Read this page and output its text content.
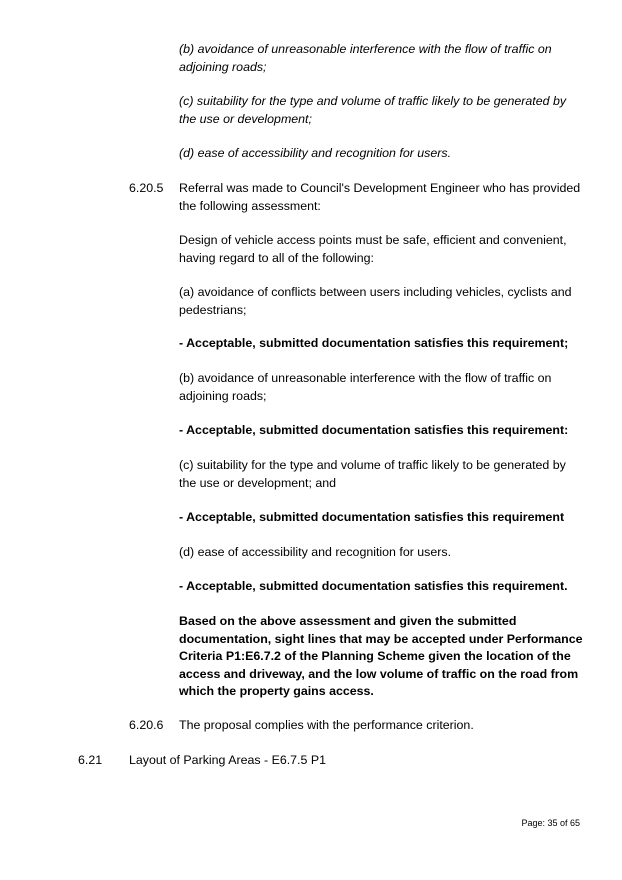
(b) avoidance of unreasonable interference with the flow of traffic on adjoining roads;

(c) suitability for the type and volume of traffic likely to be generated by the use or development;

(d) ease of accessibility and recognition for users.

6.20.5 Referral was made to Council's Development Engineer who has provided the following assessment:

Design of vehicle access points must be safe, efficient and convenient, having regard to all of the following:

(a) avoidance of conflicts between users including vehicles, cyclists and pedestrians;

- Acceptable, submitted documentation satisfies this requirement;

(b) avoidance of unreasonable interference with the flow of traffic on adjoining roads;

- Acceptable, submitted documentation satisfies this requirement:

(c) suitability for the type and volume of traffic likely to be generated by the use or development; and

- Acceptable, submitted documentation satisfies this requirement

(d) ease of accessibility and recognition for users.

- Acceptable, submitted documentation satisfies this requirement.

Based on the above assessment and given the submitted documentation, sight lines that may be accepted under Performance Criteria P1:E6.7.2 of the Planning Scheme given the location of the access and driveway, and the low volume of traffic on the road from which the property gains access.

6.20.6 The proposal complies with the performance criterion.

6.21 Layout of Parking Areas - E6.7.5 P1

Page: 35 of 65
